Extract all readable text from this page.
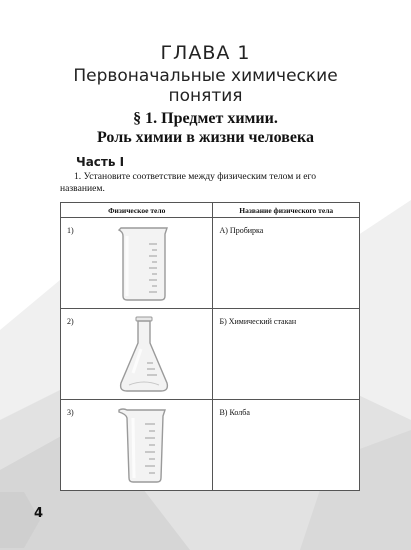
ГЛАВА 1
Первоначальные химические
понятия
§ 1. Предмет химии.
Роль химии в жизни человека
Часть I
1. Установите соответствие между физическим телом и его названием.
Физическое тело	Название физического тела

1)	А) Пробирка

2)	Б) Химический стакан

3)	В) Колба
4
